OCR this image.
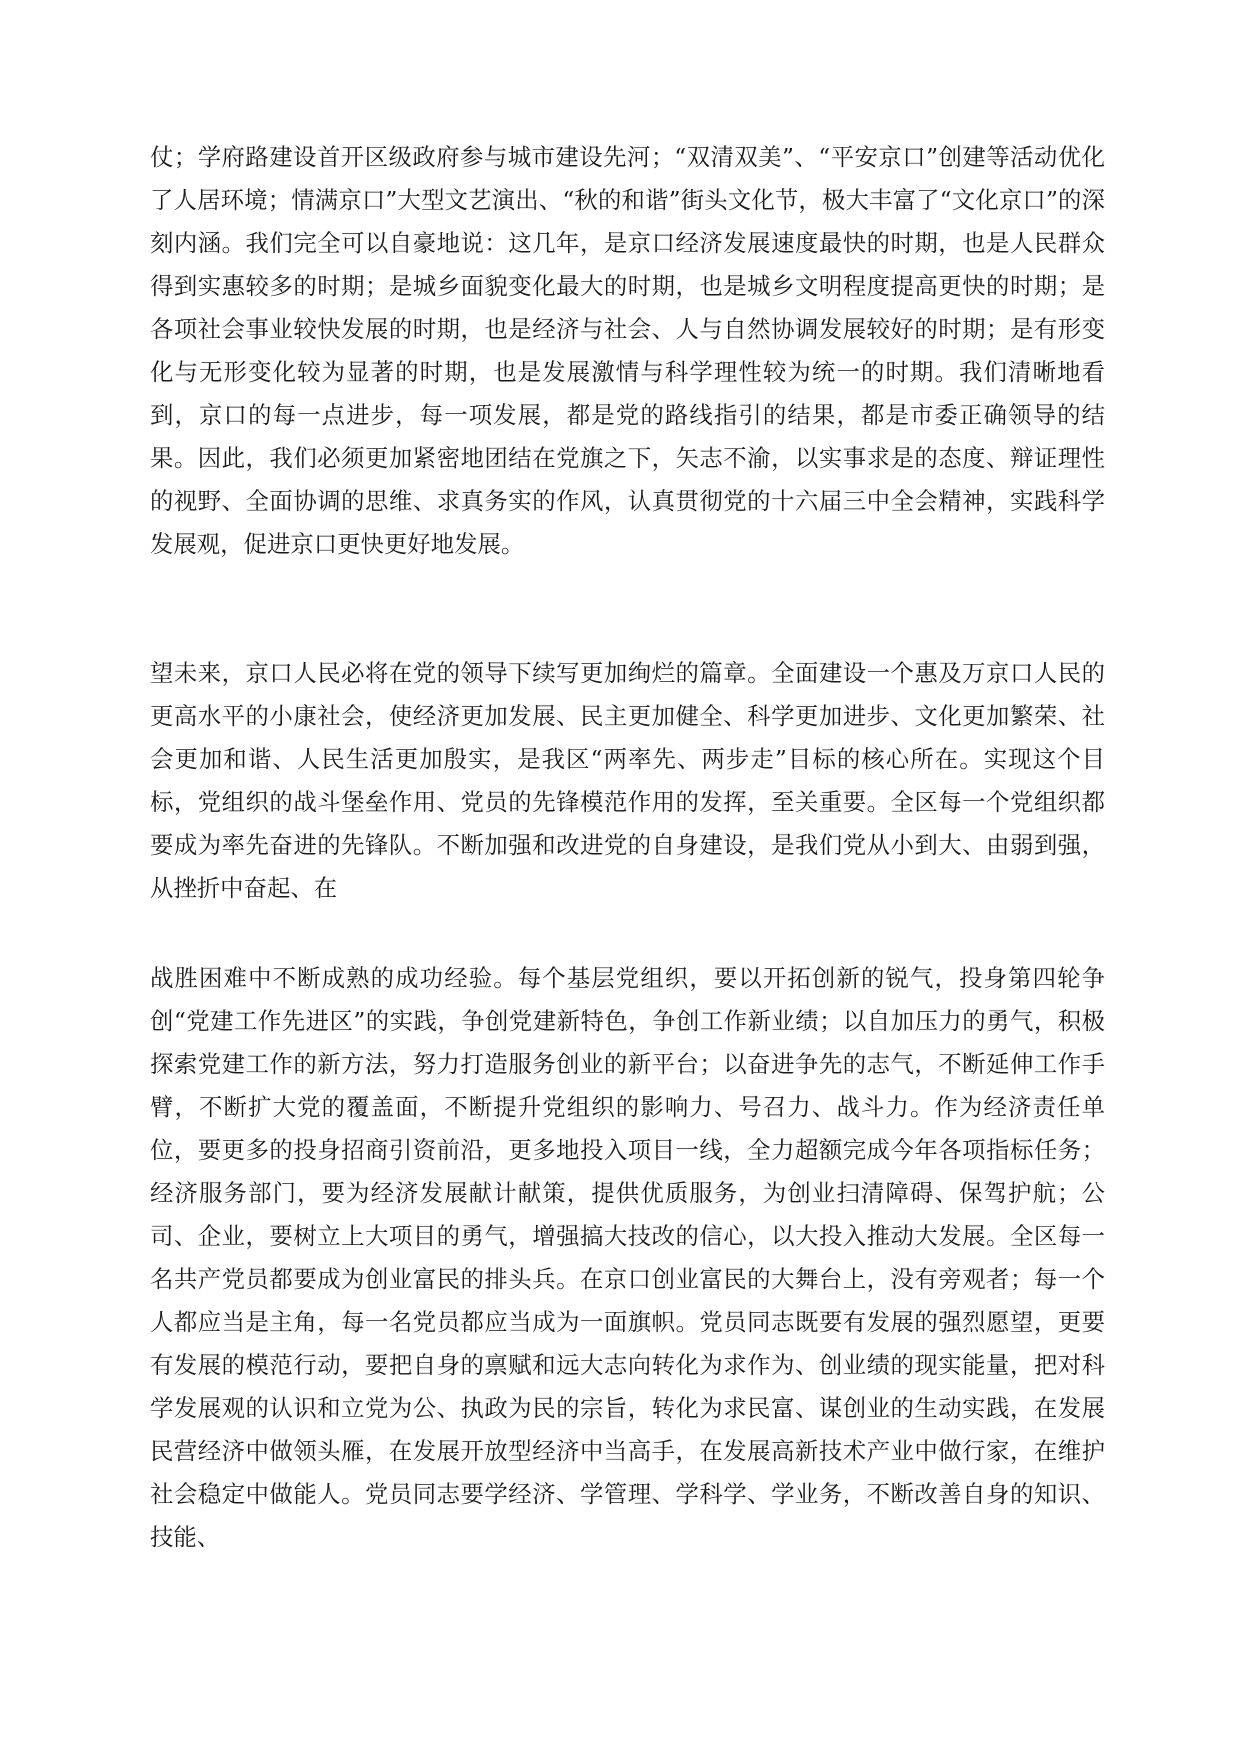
仗；学府路建设首开区级政府参与城市建设先河；“双清双美”、“平安京口”创建等活动优化了人居环境；情满京口”大型文艺演出、“秋的和谐”街头文化节，极大丰富了“文化京口”的深刻内涵。我们完全可以自豪地说：这几年，是京口经济发展速度最快的时期，也是人民群众得到实惠较多的时期；是城乡面貌变化最大的时期，也是城乡文明程度提高更快的时期；是各项社会事业较快发展的时期，也是经济与社会、人与自然协调发展较好的时期；是有形变化与无形变化较为显著的时期，也是发展激情与科学理性较为统一的时期。我们清晰地看到，京口的每一点进步，每一项发展，都是党的路线指引的结果，都是市委正确领导的结果。因此，我们必须更加紧密地团结在党旗之下，矢志不渝，以实事求是的态度、辩证理性的视野、全面协调的思维、求真务实的作风，认真贯彻党的十六届三中全会精神，实践科学发展观，促进京口更快更好地发展。

望未来，京口人民必将在党的领导下续写更加绚烂的篇章。全面建设一个惠及万京口人民的更高水平的小康社会，使经济更加发展、民主更加健全、科学更加进步、文化更加繁荣、社会更加和谐、人民生活更加殷实，是我区“两率先、两步走”目标的核心所在。实现这个目标，党组织的战斗堡垒作用、党员的先锋模范作用的发挥，至关重要。全区每一个党组织都要成为率先奋进的先锋队。不断加强和改进党的自身建设，是我们党从小到大、由弱到强，从挫折中奋起、在

战胜困难中不断成熟的成功经验。每个基层党组织，要以开拓创新的锐气，投身第四轮争创“党建工作先进区”的实践，争创党建新特色，争创工作新业绩；以自加压力的勇气，积极探索党建工作的新方法，努力打造服务创业的新平台；以奋进争先的志气，不断延伸工作手臂，不断扩大党的覆盖面，不断提升党组织的影响力、号召力、战斗力。作为经济责任单位，要更多的投身招商引资前沿，更多地投入项目一线，全力超额完成今年各项指标任务；经济服务部门，要为经济发展献计献策，提供优质服务，为创业扫清障碍、保驾护航；公司、企业，要树立上大项目的勇气，增强搞大技改的信心，以大投入推动大发展。全区每一名共产党员都要成为创业富民的排头兵。在京口创业富民的大舞台上，没有旁观者；每一个人都应当是主角，每一名党员都应当成为一面旗帜。党员同志既要有发展的强烈愿望，更要有发展的模范行动，要把自身的禀赋和远大志向转化为求作为、创业绩的现实能量，把对科学发展观的认识和立党为公、执政为民的宗旨，转化为求民富、谋创业的生动实践，在发展民营经济中做领头雁，在发展开放型经济中当高手，在发展高新技术产业中做行家，在维护社会稳定中做能人。党员同志要学经济、学管理、学科学、学业务，不断改善自身的知识、技能、
